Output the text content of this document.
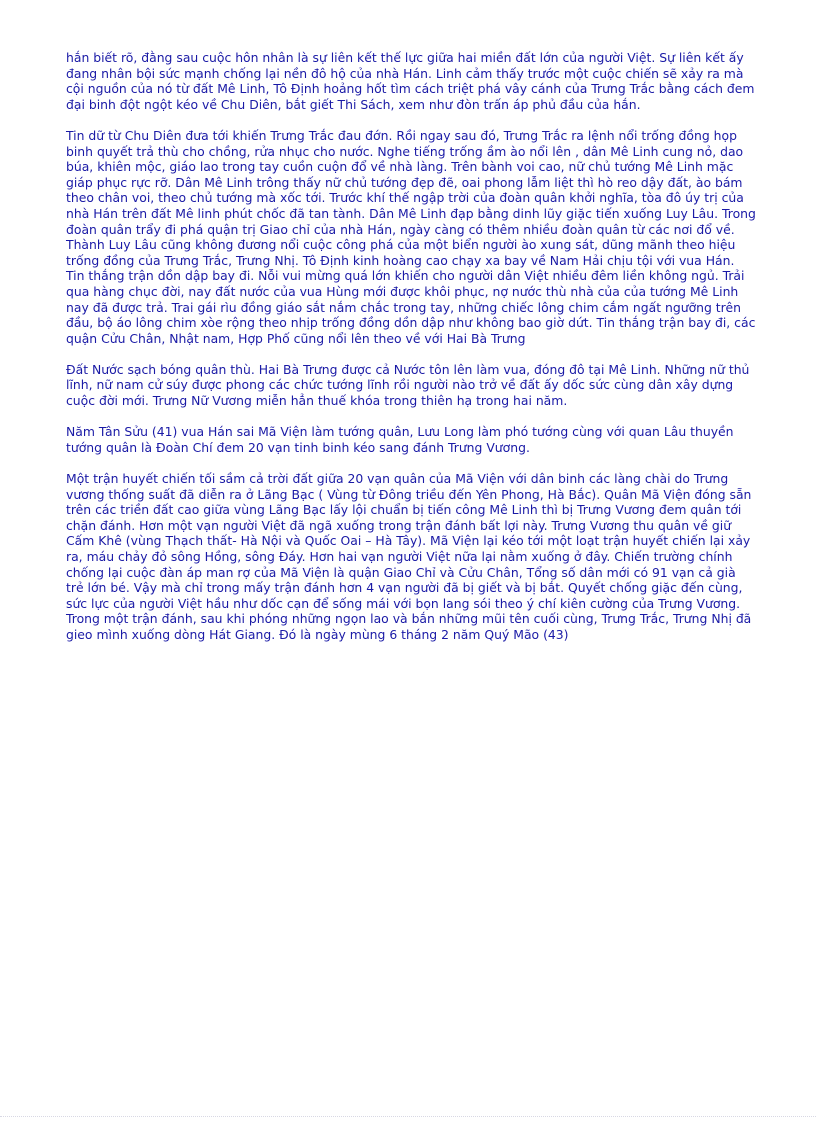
hắn biết rõ, đằng sau cuộc hôn nhân là sự liên kết thế lực giữa hai miền đất lớn của người Việt. Sự liên kết ấy đang nhân bội sức mạnh chống lại nền đô hộ của nhà Hán. Linh cảm thấy trước một cuộc chiến sẽ xảy ra mà cội nguồn của nó từ đất Mê Linh, Tô Định hoảng hốt tìm cách triệt phá vây cánh của Trưng Trắc bằng cách đem đại binh đột ngột kéo về Chu Diên, bắt giết Thi Sách, xem như đòn trấn áp phủ đầu của hắn.

Tin dữ từ Chu Diên đưa tới khiến Trưng Trắc đau đớn. Rồi ngay sau đó, Trưng Trắc ra lệnh nổi trống đồng họp binh quyết trả thù cho chồng, rửa nhục cho nước. Nghe tiếng trống ầm ào nổi lên , dân Mê Linh cung nỏ, dao búa, khiên mộc, giáo lao trong tay cuồn cuộn đổ về nhà làng. Trên bành voi cao, nữ chủ tướng Mê Linh mặc giáp phục rực rỡ. Dân Mê Linh trông thấy nữ chủ tướng đẹp đẽ, oai phong lẫm liệt thì hò reo dậy đất, ào bám theo chân voi, theo chủ tướng mà xốc tới. Trước khí thế ngập trời của đoàn quân khởi nghĩa, tòa đô úy trị của nhà Hán trên đất Mê linh phút chốc đã tan tành. Dân Mê Linh đạp bằng dinh lũy giặc tiến xuống Luy Lâu. Trong đoàn quân trẩy đi phá quận trị Giao chỉ của nhà Hán, ngày càng có thêm nhiều đoàn quân từ các nơi đổ về. Thành Luy Lâu cũng không đương nổi cuộc công phá của một biển người ào xung sát, dũng mãnh theo hiệu trống đồng của Trưng Trắc, Trưng Nhị. Tô Định kinh hoàng cao chạy xa bay về Nam Hải chịu tội với vua Hán. Tin thắng trận dồn dập bay đi. Nỗi vui mừng quá lớn khiến cho người dân Việt nhiều đêm liền không ngủ. Trải qua hàng chục đời, nay đất nước của vua Hùng mới được khôi phục, nợ nước thù nhà của của tướng Mê Linh nay đã được trả. Trai gái rìu đồng giáo sắt nắm chắc trong tay, những chiếc lông chim cắm ngất ngưỡng trên đầu, bộ áo lông chim xòe rộng theo nhịp trống đồng dồn dập như không bao giờ dứt. Tin thắng trận bay đi, các quận Cửu Chân, Nhật nam, Hợp Phố cũng nổi lên theo về với Hai Bà Trưng

Đất Nước sạch bóng quân thù. Hai Bà Trưng được cả Nước tôn lên làm vua, đóng đô tại Mê Linh. Những nữ thủ lĩnh, nữ nam cử súy được phong các chức tướng lĩnh rồi người nào trở về đất ấy dốc sức cùng dân xây dựng cuộc đời mới. Trưng Nữ Vương miễn hẳn thuế khóa trong thiên hạ trong hai năm.

Năm Tân Sửu (41) vua Hán sai Mã Viện làm tướng quân, Lưu Long làm phó tướng cùng với quan Lâu thuyền tướng quân là Đoàn Chí đem 20 vạn tinh binh kéo sang đánh Trưng Vương.

Một trận huyết chiến tối sầm cả trời đất giữa 20 vạn quân của Mã Viện với dân binh các làng chài do Trưng vương thống suất đã diễn ra ở Lãng Bạc ( Vùng từ Đông triều đến Yên Phong, Hà Bắc). Quân Mã Viện đóng sẵn trên các triền đất cao giữa vùng Lãng Bạc lấy lội chuẩn bị tiến công Mê Linh thì bị Trưng Vương đem quân tới chặn đánh. Hơn một vạn người Việt đã ngã xuống trong trận đánh bất lợi này. Trưng Vương thu quân về giữ Cấm Khê (vùng Thạch thất- Hà Nội và Quốc Oai – Hà Tây). Mã Viện lại kéo tới một loạt trận huyết chiến lại xảy ra, máu chảy đỏ sông Hồng, sông Đáy. Hơn hai vạn người Việt nữa lại nằm xuống ở đây. Chiến trường chính chống lại cuộc đàn áp man rợ của Mã Viện là quận Giao Chỉ và Cửu Chân, Tổng số dân mới có 91 vạn cả già trẻ lớn bé. Vậy mà chỉ trong mấy trận đánh hơn 4 vạn người đã bị giết và bị bắt. Quyết chống giặc đến cùng, sức lực của người Việt hầu như dốc cạn để sống mái với bọn lang sói theo ý chí kiên cường của Trưng Vương. Trong một trận đánh, sau khi phóng những ngọn lao và bắn những mũi tên cuối cùng, Trưng Trắc, Trưng Nhị đã gieo mình xuống dòng Hát Giang. Đó là ngày mùng 6 tháng 2 năm Quý Mão (43)
